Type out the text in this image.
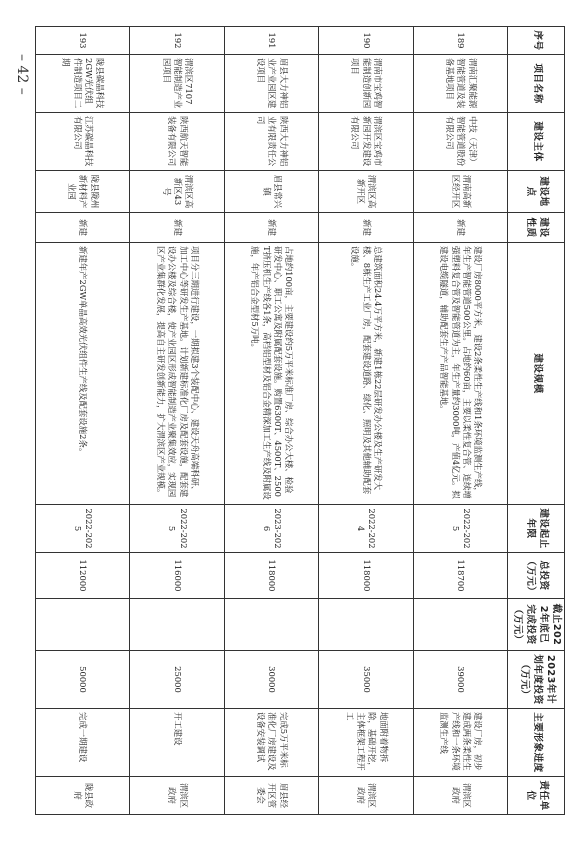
– 42 –
序号	项目名称	建设主体	建设地点	建设性质	建设规模	建设起止年限	总投资（万元）	截止2022年底已完成投资（万元）	2023年计划年度投资（万元）	主要形象进度	责任单位
189	渭南汇聚能源智能管道及装备基地项目	中技（天津）智能管道股份有限公司	渭南高新区经开区	新建	建设厂房8000平方米，建设2条柔性生产线和1条环境监测生产线，年生产智能管道500公里。占地约60亩，主要以柔性复合管、连续增强塑料复合管及智能管道为主，年生产量约3000吨，产值4亿元。拟建设电缆隧道，辅助配套生产产品智能基地。	2022-2025	118700		39000	建设厂房，初步建成两条柔性生产线和一条环境监测生产线	渭滨区政府
190	渭南市宝鸡智能制造创新园项目	渭滨区宝鸡市新园开发建设有限公司	渭滨区高新开区	新建	总建筑面积24.4万平方米，新建1栋22层研发办公楼及生产研发大楼、8栋生产工业厂房，配套建设道路、绿化、照明及其他辅助配套设施。	2022-2024	118000		35000	地面附着物拆除，基础开挖，主体框架工程开工	渭滨区政府
191	眉县大力神铝业产业园区建设项目	陕西大力神铝业有限责任公司	眉县常兴镇	新建	占地约100亩，主要建设约5万平米标准厂房、综合办公大楼、检验研发中心、职工公寓及附属配套设施。购置6300T、4500T、2500T挤压机生产线各1条，高档铝型材及铝合金精深加工生产线及附属设施，年产铝合金型材5万吨。	2023-2026	118000		30000	完成5万平米标准化厂房建设及设备安装调试	眉县经开区管委会
192	渭滨区7107智能制造产业园项目	陕西航天智能装备有限公司	渭滨区高新区43号	新建	项目分三期进行建设，一期拟建3个装配中心、建设天舟高端科研、加工中心等研发生产基地。计划新建标准化厂房及配套设施，配套建设办公楼及综合楼，使产业园区形成智能制造产业聚集效应，实现园区产业集群化发展，提高自主研发创新能力，扩大渭滨区产业规模。	2022-2025	116000		25000	开工建设	渭滨区政府
193	陇县碳晶科技2GW光伏组件制造项目二期	江苏碳晶科技有限公司	陇县陇州新材料产业园	新建	新建年产2GW单晶高效光伏组件生产线及配套设施2条。	2022-2025	112000		50000	完成一期建设	陇县政府
